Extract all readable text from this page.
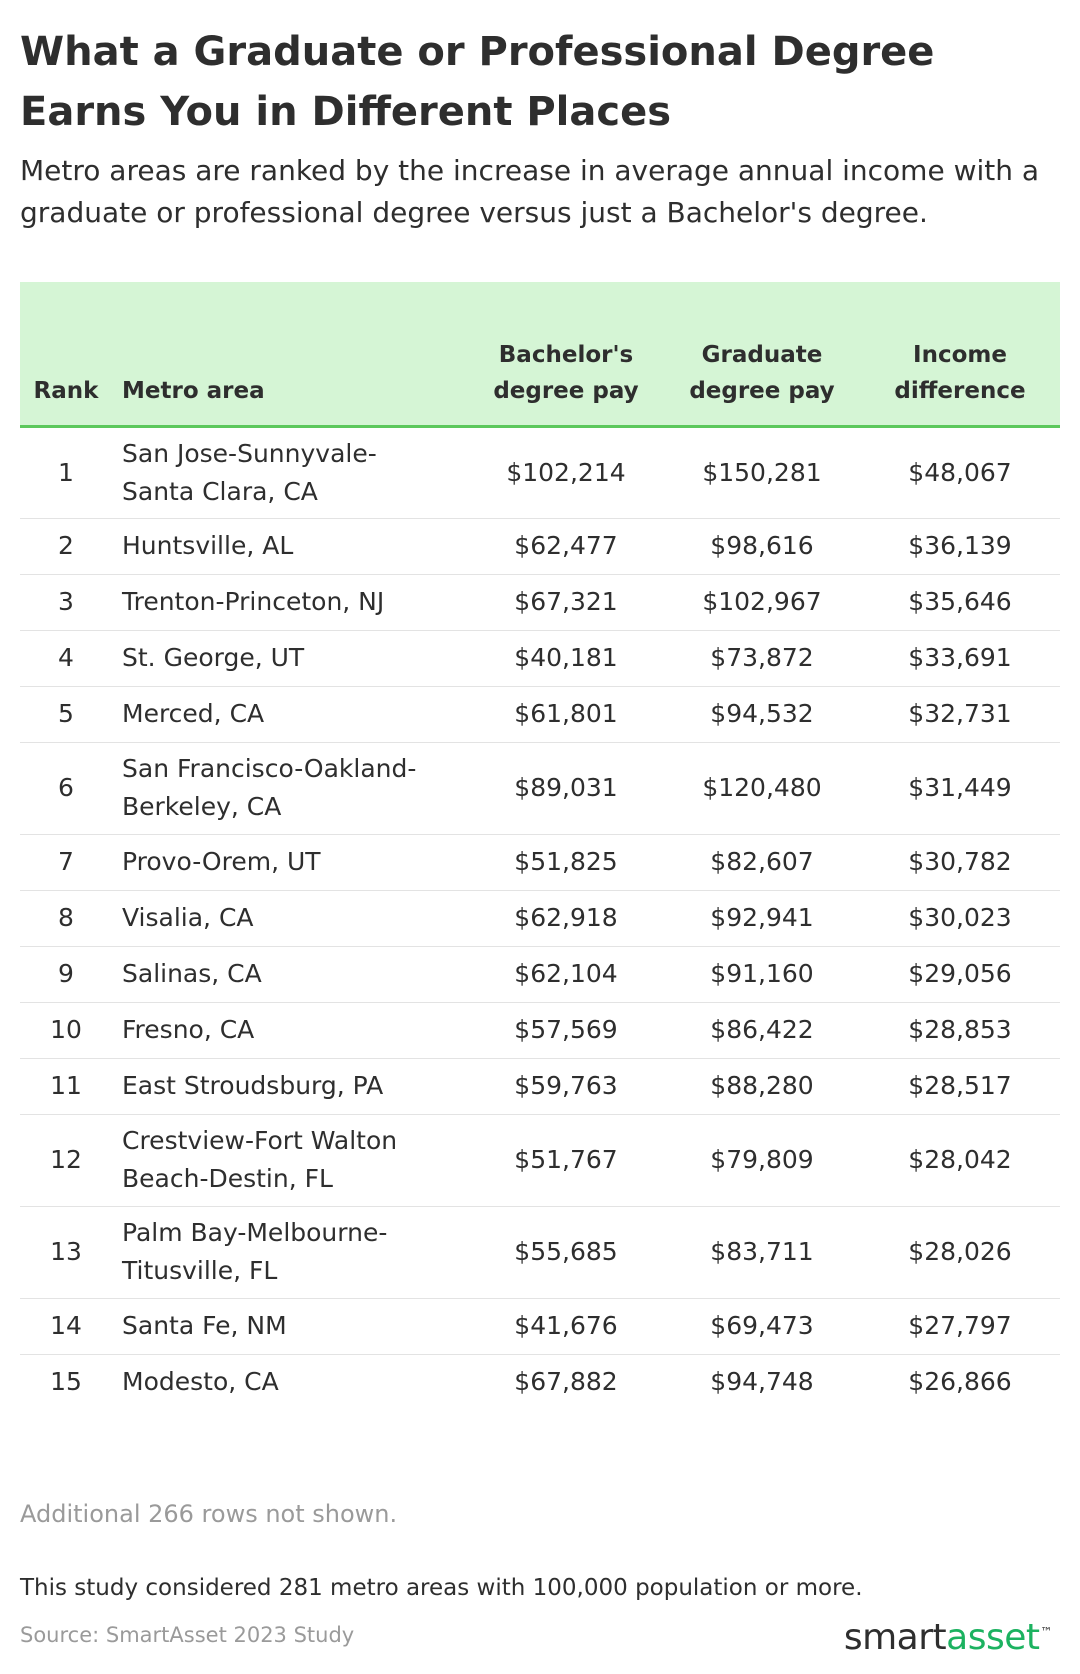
What a Graduate or Professional Degree Earns You in Different Places

Metro areas are ranked by the increase in average annual income with a graduate or professional degree versus just a Bachelor's degree.

Rank	Metro area	Bachelor's degree pay	Graduate degree pay	Income difference
1	San Jose-Sunnyvale-Santa Clara, CA	$102,214	$150,281	$48,067
2	Huntsville, AL	$62,477	$98,616	$36,139
3	Trenton-Princeton, NJ	$67,321	$102,967	$35,646
4	St. George, UT	$40,181	$73,872	$33,691
5	Merced, CA	$61,801	$94,532	$32,731
6	San Francisco-Oakland-Berkeley, CA	$89,031	$120,480	$31,449
7	Provo-Orem, UT	$51,825	$82,607	$30,782
8	Visalia, CA	$62,918	$92,941	$30,023
9	Salinas, CA	$62,104	$91,160	$29,056
10	Fresno, CA	$57,569	$86,422	$28,853
11	East Stroudsburg, PA	$59,763	$88,280	$28,517
12	Crestview-Fort Walton Beach-Destin, FL	$51,767	$79,809	$28,042
13	Palm Bay-Melbourne-Titusville, FL	$55,685	$83,711	$28,026
14	Santa Fe, NM	$41,676	$69,473	$27,797
15	Modesto, CA	$67,882	$94,748	$26,866

Additional 266 rows not shown.

This study considered 281 metro areas with 100,000 population or more.

Source: SmartAsset 2023 Study	smartasset™
